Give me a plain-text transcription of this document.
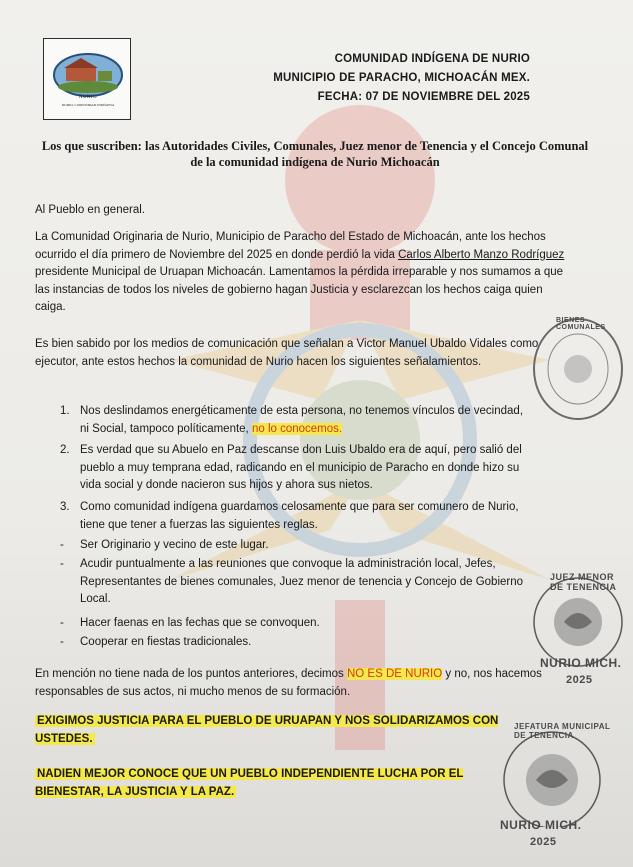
NURIO
NURIO, COMUNIDAD INDÍGENA
COMUNIDAD INDÍGENA DE NURIO
MUNICIPIO DE PARACHO, MICHOACÁN MEX.
FECHA: 07 DE NOVIEMBRE DEL 2025
Los que suscriben: las Autoridades Civiles, Comunales, Juez menor de Tenencia y el Concejo Comunal de la comunidad indígena de Nurio Michoacán
Al Pueblo en general.
La Comunidad Originaria de Nurio, Municipio de Paracho del Estado de Michoacán, ante los hechos ocurrido el día primero de Noviembre del 2025 en donde perdió la vida Carlos Alberto Manzo Rodríguez presidente Municipal de Uruapan Michoacán. Lamentamos la pérdida irreparable y nos sumamos a que las instancias de todos los niveles de gobierno hagan Justicia y esclarezcan los hechos caiga quien caiga.
Es bien sabido por los medios de comunicación que señalan a Victor Manuel Ubaldo Vidales como ejecutor, ante estos hechos la comunidad de Nurio hacen los siguientes señalamientos.
1. Nos deslindamos energéticamente de esta persona, no tenemos vínculos de vecindad, ni Social, tampoco políticamente, no lo conocemos.
2. Es verdad que su Abuelo en Paz descanse don Luis Ubaldo era de aquí, pero salió del pueblo a muy temprana edad, radicando en el municipio de Paracho en donde hizo su vida social y donde nacieron sus hijos y ahora sus nietos.
3. Como comunidad indígena guardamos celosamente que para ser comunero de Nurio, tiene que tener a fuerzas las siguientes reglas.
- Ser Originario y vecino de este lugar.
- Acudir puntualmente a las reuniones que convoque la administración local, Jefes, Representantes de bienes comunales, Juez menor de tenencia y Concejo de Gobierno Local.
- Hacer faenas en las fechas que se convoquen.
- Cooperar en fiestas tradicionales.
En mención no tiene nada de los puntos anteriores, decimos NO ES DE NURIO y no, nos hacemos responsables de sus actos, ni mucho menos de su formación.
EXIGIMOS JUSTICIA PARA EL PUEBLO DE URUAPAN Y NOS SOLIDARIZAMOS CON USTEDES.
NADIEN MEJOR CONOCE QUE UN PUEBLO INDEPENDIENTE LUCHA POR EL BIENESTAR, LA JUSTICIA Y LA PAZ.
BIENES COMUNALES
JUEZ MENOR DE TENENCIA
NURIO MICH.
2025
JEFATURA MUNICIPAL DE TENENCIA
NURIO MICH.
2025
